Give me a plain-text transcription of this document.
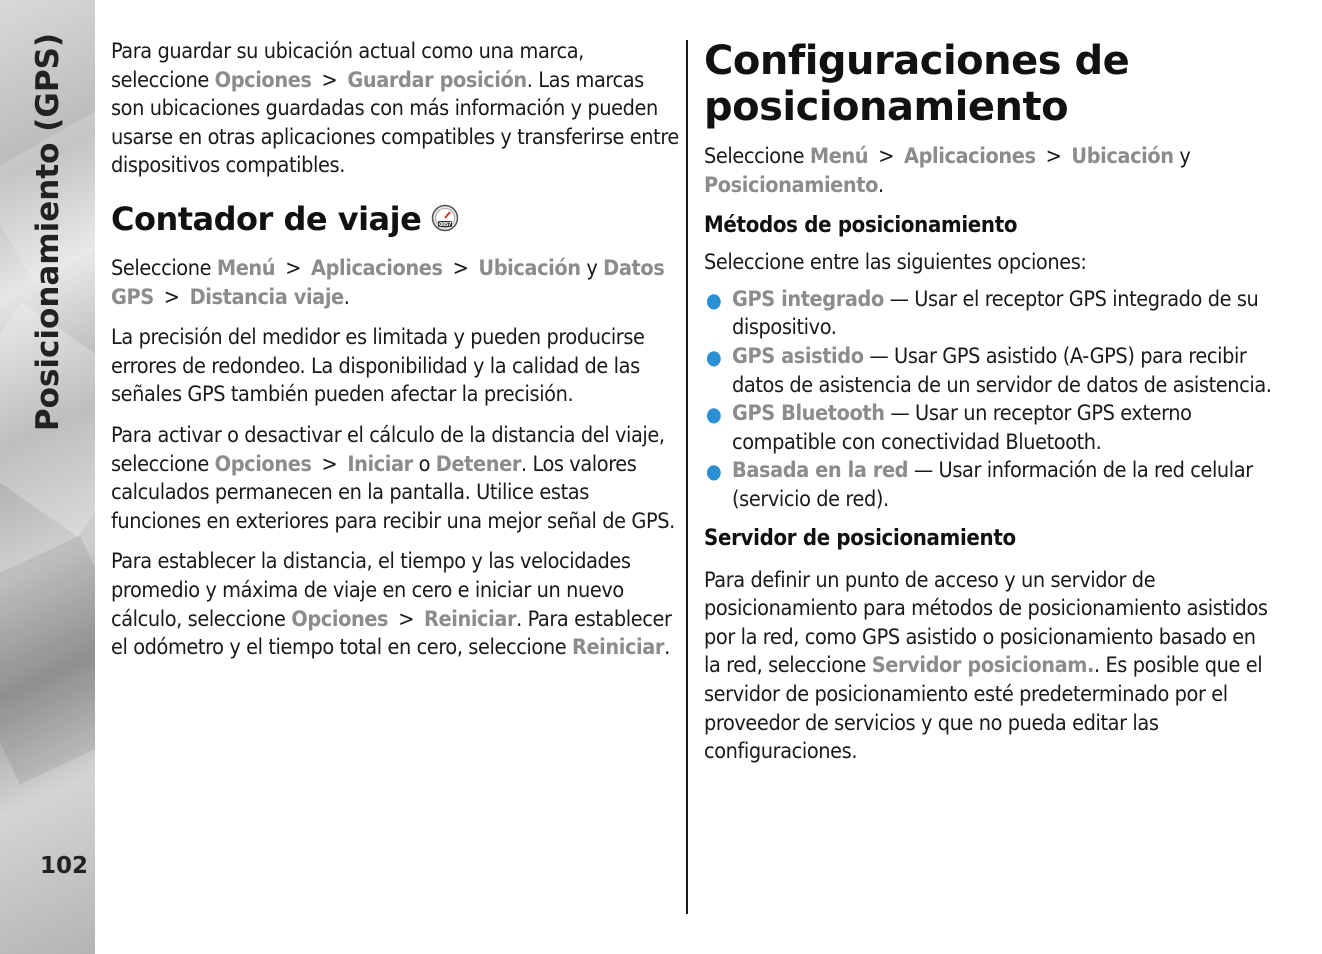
Posicionamiento (GPS)
102

Para guardar su ubicación actual como una marca, seleccione Opciones > Guardar posición. Las marcas son ubicaciones guardadas con más información y pueden usarse en otras aplicaciones compatibles y transferirse entre dispositivos compatibles.

Contador de viaje	0057

Seleccione Menú > Aplicaciones > Ubicación y Datos GPS > Distancia viaje.

La precisión del medidor es limitada y pueden producirse errores de redondeo. La disponibilidad y la calidad de las señales GPS también pueden afectar la precisión.

Para activar o desactivar el cálculo de la distancia del viaje, seleccione Opciones > Iniciar o Detener. Los valores calculados permanecen en la pantalla. Utilice estas funciones en exteriores para recibir una mejor señal de GPS.

Para establecer la distancia, el tiempo y las velocidades promedio y máxima de viaje en cero e iniciar un nuevo cálculo, seleccione Opciones > Reiniciar. Para establecer el odómetro y el tiempo total en cero, seleccione Reiniciar.

Configuraciones de posicionamiento

Seleccione Menú > Aplicaciones > Ubicación y Posicionamiento.

Métodos de posicionamiento

Seleccione entre las siguientes opciones:

● GPS integrado — Usar el receptor GPS integrado de su dispositivo.
● GPS asistido — Usar GPS asistido (A-GPS) para recibir datos de asistencia de un servidor de datos de asistencia.
● GPS Bluetooth — Usar un receptor GPS externo compatible con conectividad Bluetooth.
● Basada en la red — Usar información de la red celular (servicio de red).
Servidor de posicionamiento

Para definir un punto de acceso y un servidor de posicionamiento para métodos de posicionamiento asistidos por la red, como GPS asistido o posicionamiento basado en la red, seleccione Servidor posicionam.. Es posible que el servidor de posicionamiento esté predeterminado por el proveedor de servicios y que no pueda editar las configuraciones.
